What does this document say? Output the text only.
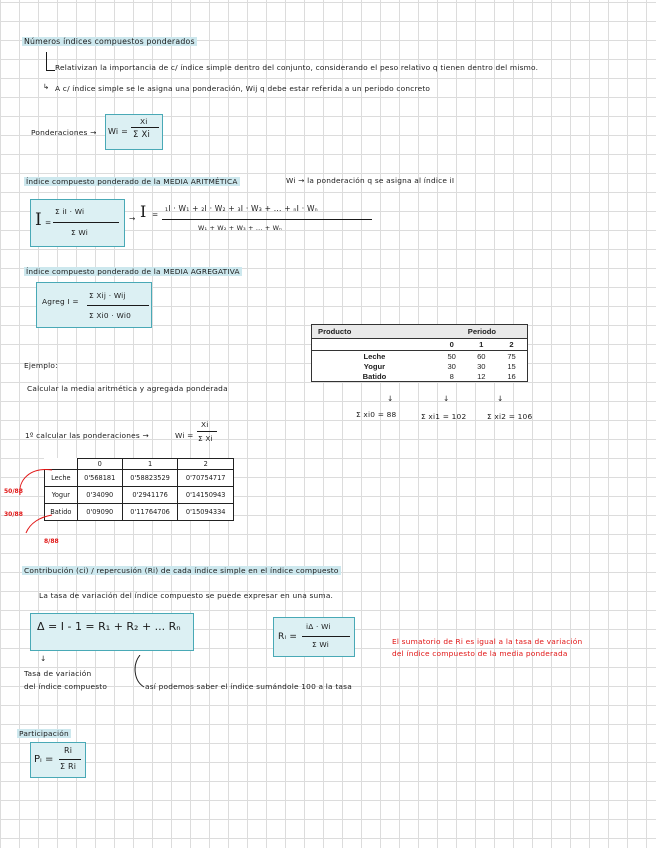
Números índices compuestos ponderados
Relativizan la importancia de c/ índice simple dentro del conjunto, considerando el peso relativo q tienen dentro del mismo.
↳ A c/ índice simple se le asigna una ponderación, Wij q debe estar referida a un periodo concreto
Ponderaciones → Wi =
Xi
Σ Xi
Índice compuesto ponderado de la MEDIA ARITMÉTICA	Wi → la ponderación q se asigna al índice iI
I =
Σ iI · Wi
Σ Wi
→ I =
₁I · W₁ + ₂I · W₂ + ₃I · W₃ + ... + ₙI · Wₙ
W₁ + W₂ + W₃ + ... + Wₙ
Índice compuesto ponderado de la MEDIA AGREGATIVA
Agreg I =
Σ Xij · Wij
Σ Xi0 · Wi0
Producto	Periodo		
	0	1	2
Leche	50	60	75
Yogur	30	30	15
Batido	8	12	16
↓	↓	↓
Σ xi0 = 88	Σ xi1 = 102	Σ xi2 = 106
Ejemplo:
Calcular la media aritmética y agregada ponderada
1º calcular las ponderaciones →	Wi =
Xi
Σ Xi
	0	1	2
Leche	0'568181	0'58823529	0'70754717
Yogur	0'34090	0'2941176	0'14150943
Batido	0'09090	0'11764706	0'15094334
50/88
30/88
8/88
Contribución (ci) / repercusión (Ri) de cada índice simple en el índice compuesto
La tasa de variación del índice compuesto se puede expresar en una suma.
Δ = I - 1 = R₁ + R₂ + ... Rₙ
Rᵢ =
iΔ · Wi
Σ Wi	El sumatorio de Ri es igual a la tasa de variación
del índice compuesto de la media ponderada
↓
Tasa de variación
del índice compuesto	así podemos saber el índice sumándole 100 a la tasa
Participación
Pᵢ =
Ri
Σ Ri
